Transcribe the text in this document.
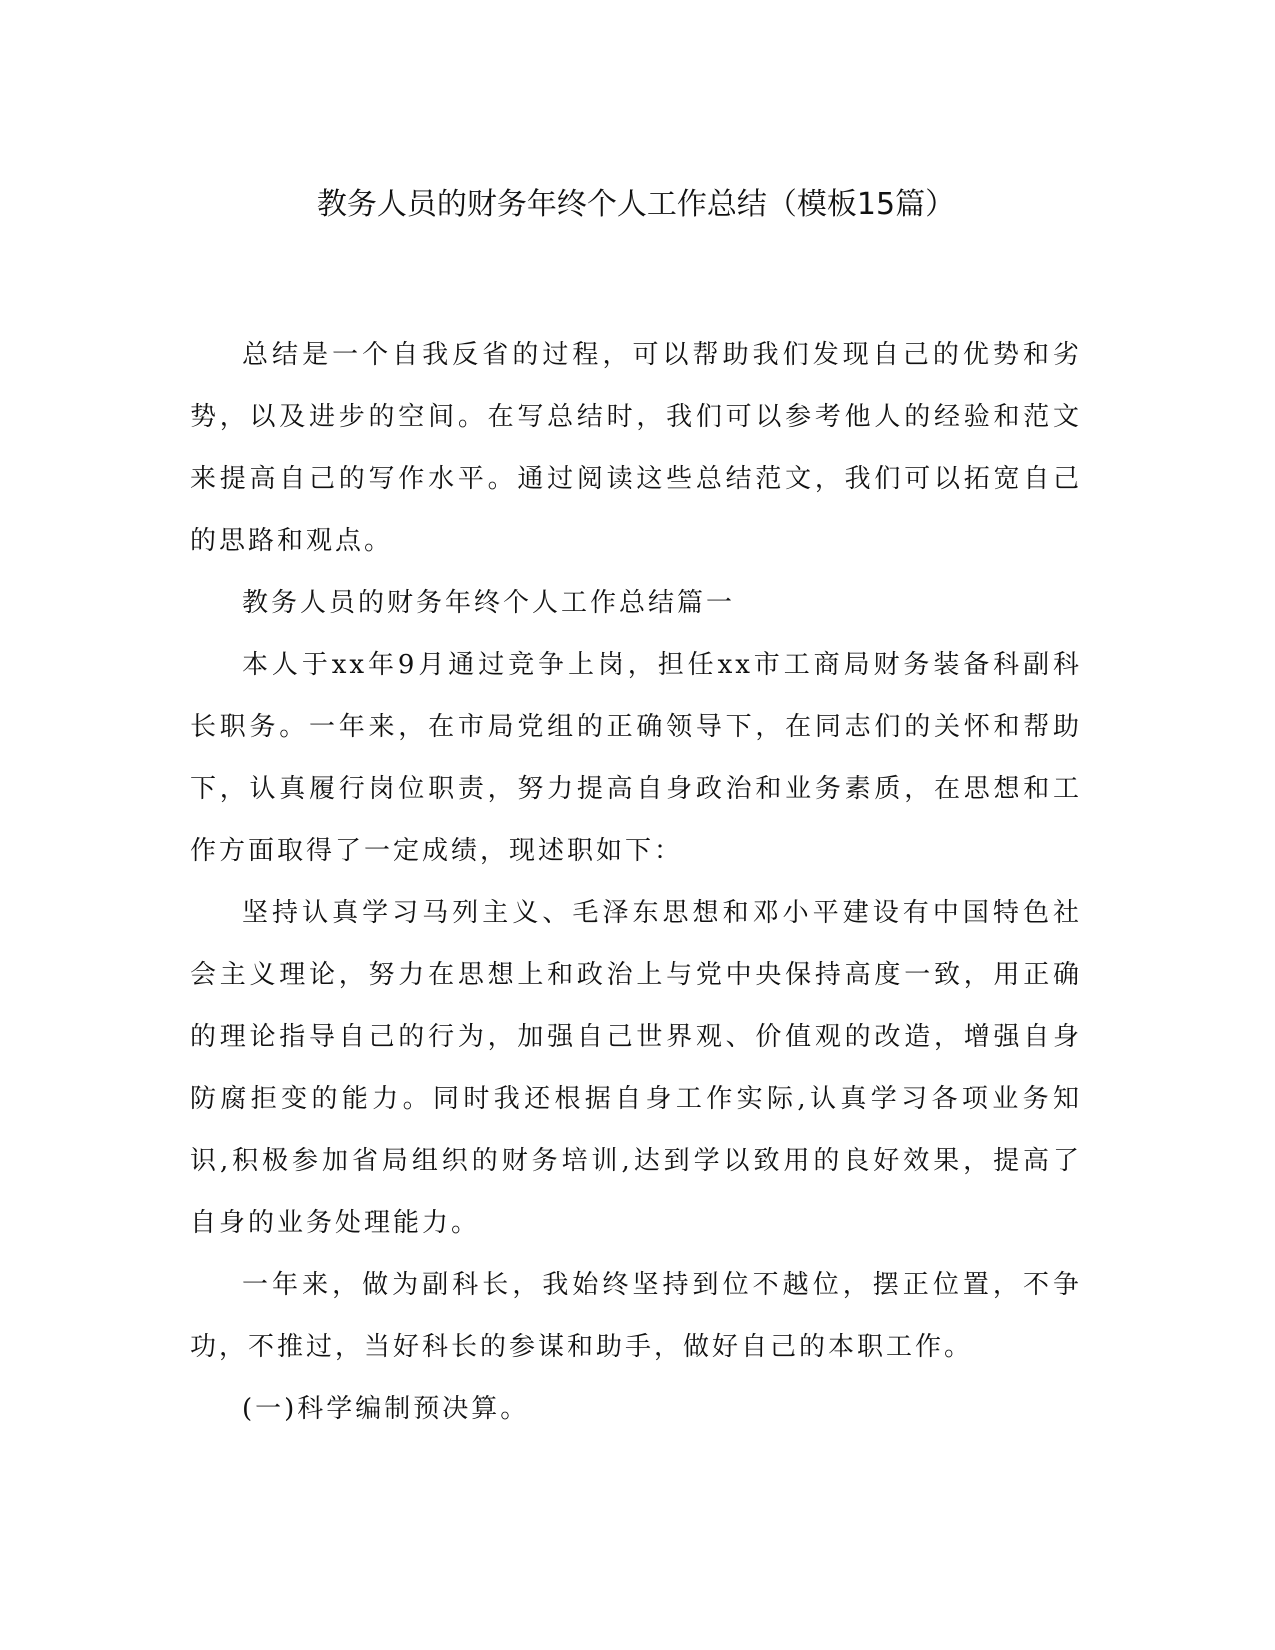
教务人员的财务年终个人工作总结（模板15篇）

总结是一个自我反省的过程，可以帮助我们发现自己的优势和劣势，以及进步的空间。在写总结时，我们可以参考他人的经验和范文来提高自己的写作水平。通过阅读这些总结范文，我们可以拓宽自己的思路和观点。

教务人员的财务年终个人工作总结篇一

本人于xx年9月通过竞争上岗，担任xx市工商局财务装备科副科长职务。一年来，在市局党组的正确领导下，在同志们的关怀和帮助下，认真履行岗位职责，努力提高自身政治和业务素质，在思想和工作方面取得了一定成绩，现述职如下：

坚持认真学习马列主义、毛泽东思想和邓小平建设有中国特色社会主义理论，努力在思想上和政治上与党中央保持高度一致，用正确的理论指导自己的行为，加强自己世界观、价值观的改造，增强自身防腐拒变的能力。同时我还根据自身工作实际,认真学习各项业务知识,积极参加省局组织的财务培训,达到学以致用的良好效果，提高了自身的业务处理能力。

一年来，做为副科长，我始终坚持到位不越位，摆正位置，不争功，不推过，当好科长的参谋和助手，做好自己的本职工作。

(一)科学编制预决算。
